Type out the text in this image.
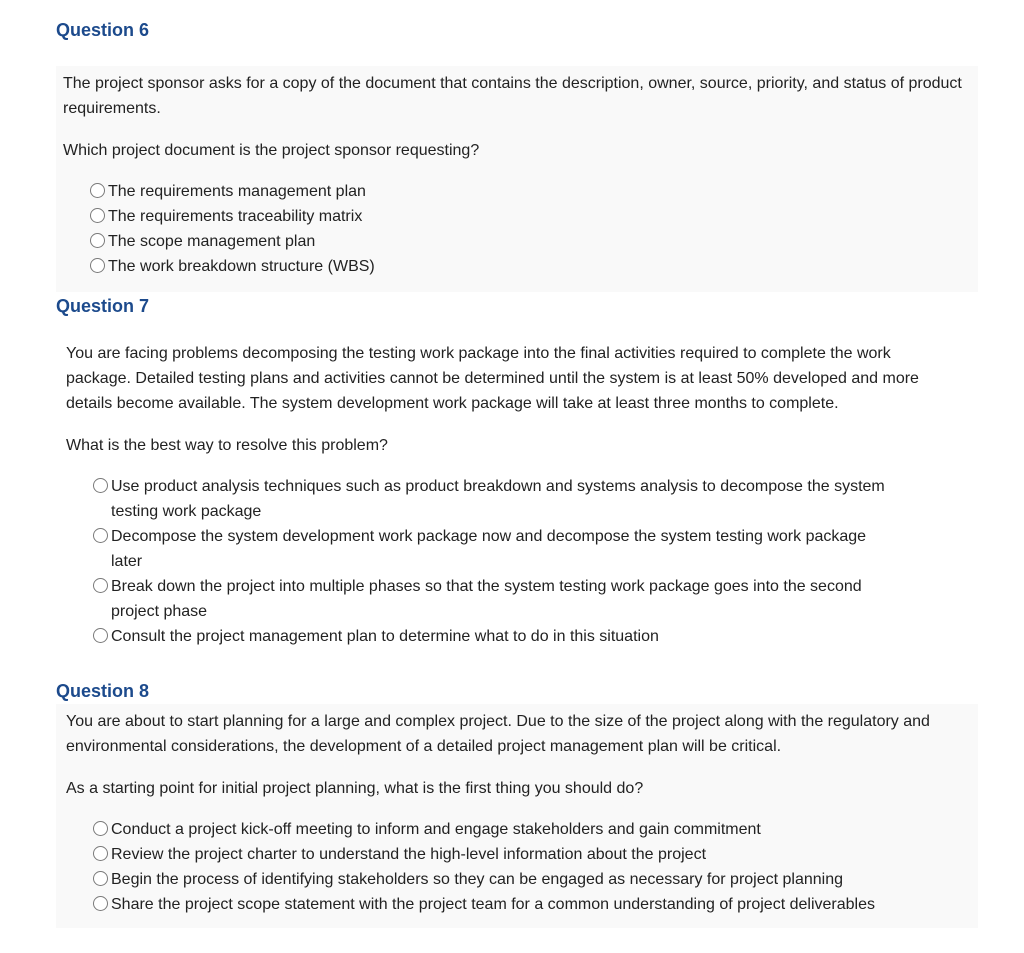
Question 6

The project sponsor asks for a copy of the document that contains the description, owner, source, priority, and status of product requirements.

Which project document is the project sponsor requesting?

The requirements management plan
The requirements traceability matrix
The scope management plan
The work breakdown structure (WBS)
Question 7

You are facing problems decomposing the testing work package into the final activities required to complete the work package. Detailed testing plans and activities cannot be determined until the system is at least 50% developed and more details become available. The system development work package will take at least three months to complete.

What is the best way to resolve this problem?

Use product analysis techniques such as product breakdown and systems analysis to decompose the system testing work package
Decompose the system development work package now and decompose the system testing work package later
Break down the project into multiple phases so that the system testing work package goes into the second project phase
Consult the project management plan to determine what to do in this situation
Question 8

You are about to start planning for a large and complex project. Due to the size of the project along with the regulatory and environmental considerations, the development of a detailed project management plan will be critical.

As a starting point for initial project planning, what is the first thing you should do?

Conduct a project kick-off meeting to inform and engage stakeholders and gain commitment
Review the project charter to understand the high-level information about the project
Begin the process of identifying stakeholders so they can be engaged as necessary for project planning
Share the project scope statement with the project team for a common understanding of project deliverables
